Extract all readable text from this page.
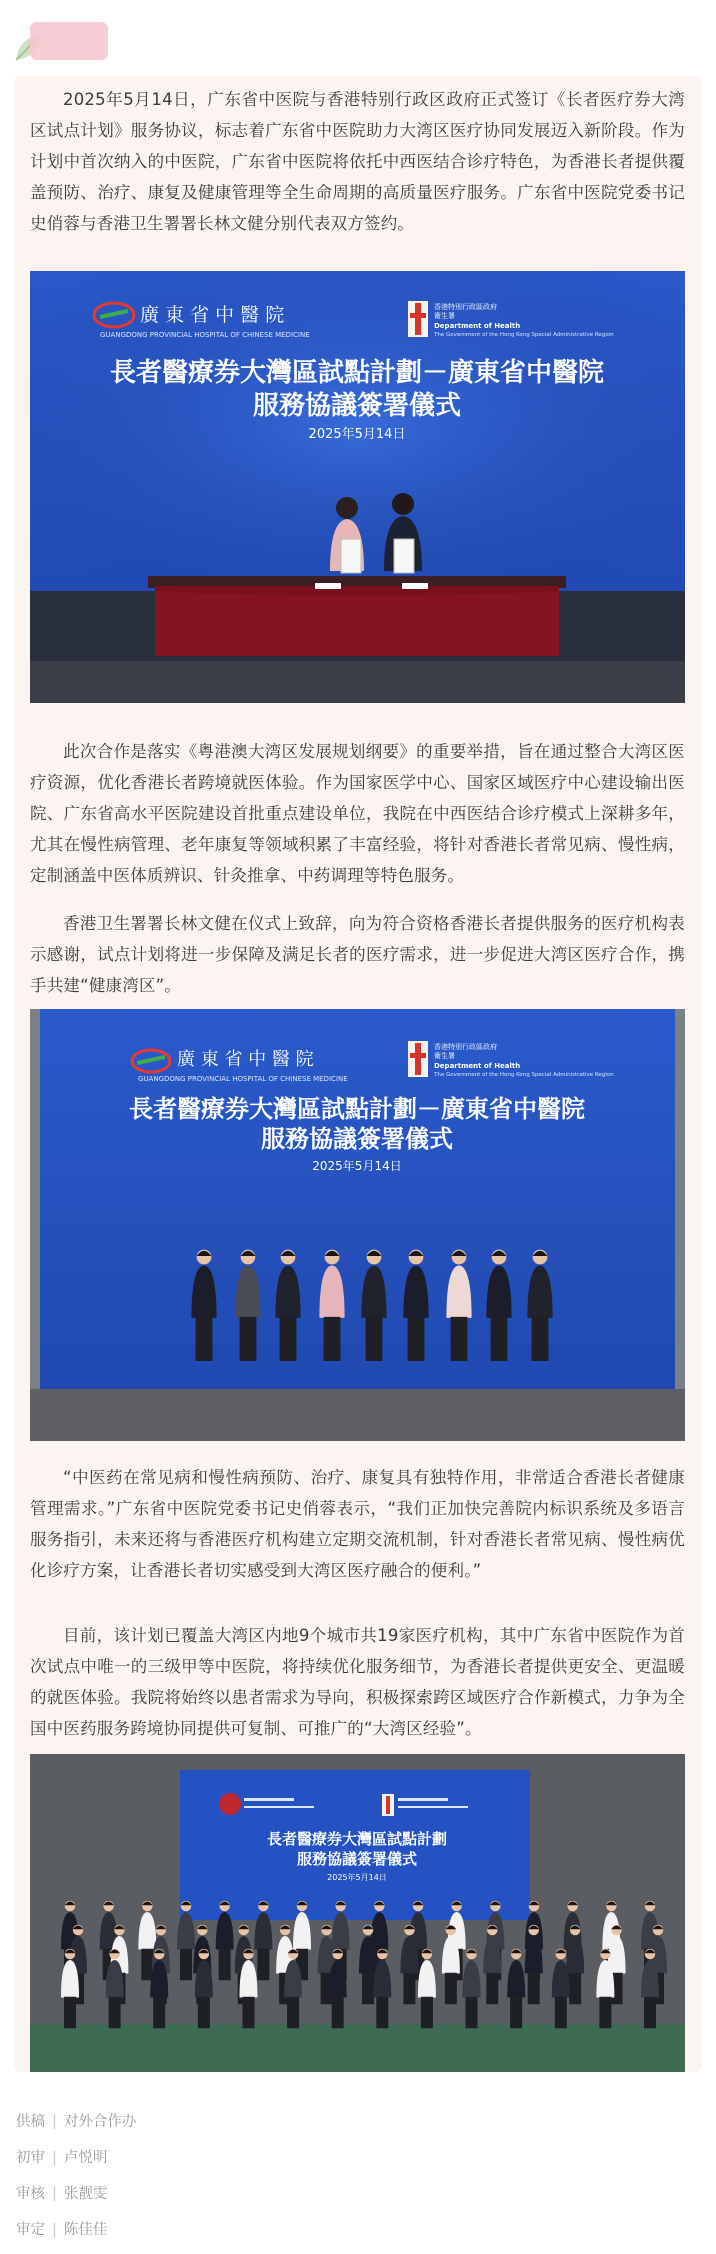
2025年5月14日，广东省中医院与香港特别行政区政府正式签订《长者医疗券大湾区试点计划》服务协议，标志着广东省中医院助力大湾区医疗协同发展迈入新阶段。作为计划中首次纳入的中医院，广东省中医院将依托中西医结合诊疗特色，为香港长者提供覆盖预防、治疗、康复及健康管理等全生命周期的高质量医疗服务。广东省中医院党委书记史俏蓉与香港卫生署署长林文健分别代表双方签约。

廣 東 省 中 醫 院
GUANGDONG PROVINCIAL HOSPITAL OF CHINESE MEDICINE
香港特別行政區政府
衛生署
Department of Health
The Government of the Hong Kong Special Administrative Region
長者醫療券大灣區試點計劃－廣東省中醫院
服務協議簽署儀式
2025年5月14日

此次合作是落实《粤港澳大湾区发展规划纲要》的重要举措，旨在通过整合大湾区医疗资源，优化香港长者跨境就医体验。作为国家医学中心、国家区域医疗中心建设输出医院、广东省高水平医院建设首批重点建设单位，我院在中西医结合诊疗模式上深耕多年，尤其在慢性病管理、老年康复等领域积累了丰富经验，将针对香港长者常见病、慢性病，定制涵盖中医体质辨识、针灸推拿、中药调理等特色服务。

香港卫生署署长林文健在仪式上致辞，向为符合资格香港长者提供服务的医疗机构表示感谢，试点计划将进一步保障及满足长者的医疗需求，进一步促进大湾区医疗合作，携手共建“健康湾区”。

廣 東 省 中 醫 院
GUANGDONG PROVINCIAL HOSPITAL OF CHINESE MEDICINE
香港特別行政區政府
衛生署
Department of Health
The Government of the Hong Kong Special Administrative Region
長者醫療券大灣區試點計劃－廣東省中醫院
服務協議簽署儀式
2025年5月14日

“中医药在常见病和慢性病预防、治疗、康复具有独特作用，非常适合香港长者健康管理需求。”广东省中医院党委书记史俏蓉表示，“我们正加快完善院内标识系统及多语言服务指引，未来还将与香港医疗机构建立定期交流机制，针对香港长者常见病、慢性病优化诊疗方案，让香港长者切实感受到大湾区医疗融合的便利。”

目前，该计划已覆盖大湾区内地9个城市共19家医疗机构，其中广东省中医院作为首次试点中唯一的三级甲等中医院，将持续优化服务细节，为香港长者提供更安全、更温暖的就医体验。我院将始终以患者需求为导向，积极探索跨区域医疗合作新模式，力争为全国中医药服务跨境协同提供可复制、可推广的“大湾区经验”。

長者醫療券大灣區試點計劃
服務協議簽署儀式
2025年5月14日
供稿 | 对外合作办
初审 | 卢悦明
审核 | 张靓雯
审定 | 陈佳佳
